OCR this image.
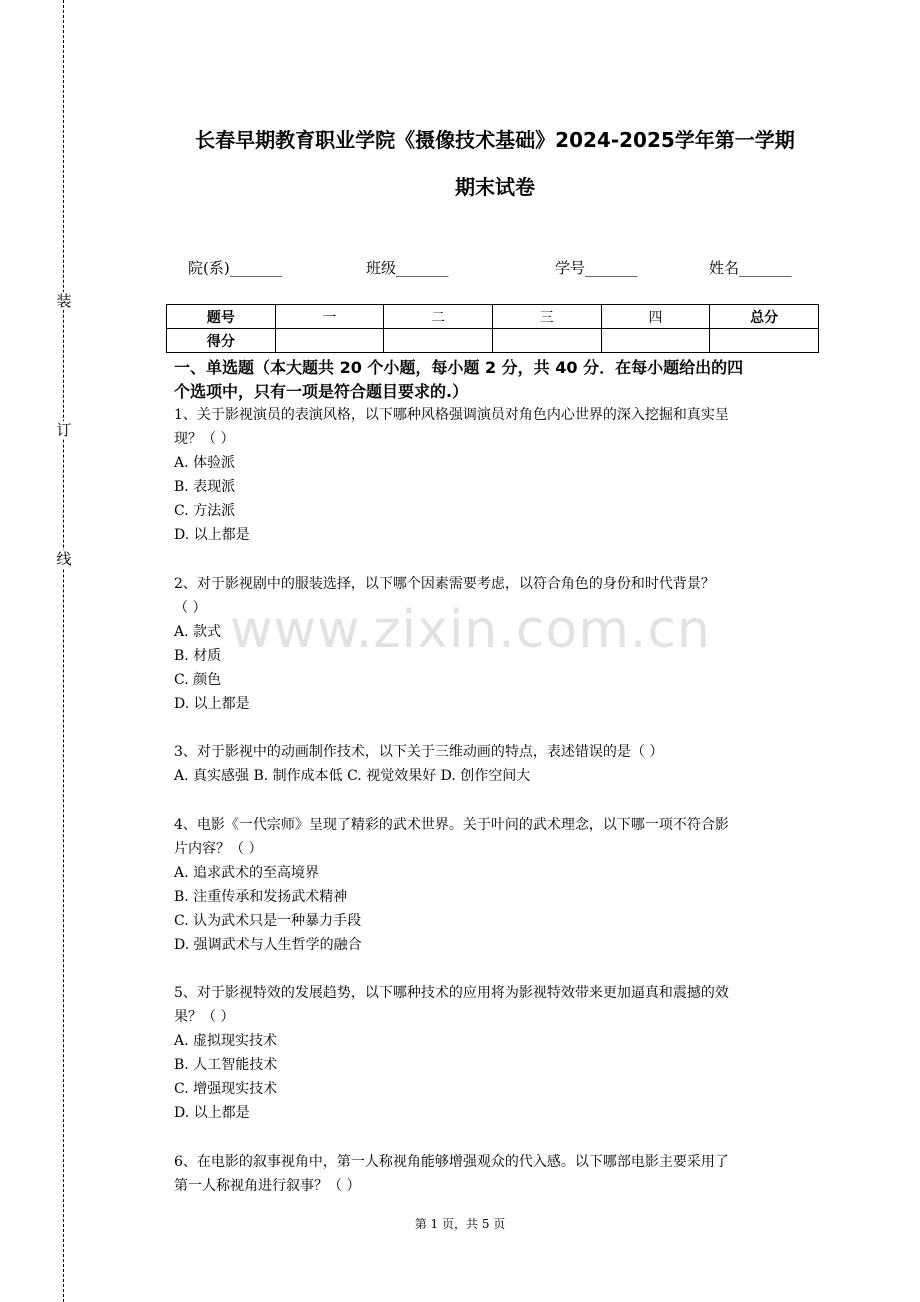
装
订
线
长春早期教育职业学院《摄像技术基础》2024-2025学年第一学期
期末试卷
院(系)_______	班级_______	学号_______	姓名_______
题号	一	二	三	四	总分
得分					
一、单选题（本大题共 20 个小题，每小题 2 分，共 40 分．在每小题给出的四
个选项中，只有一项是符合题目要求的.）
www.zixin.com.cn
1、关于影视演员的表演风格，以下哪种风格强调演员对角色内心世界的深入挖掘和真实呈
现？（ ）
A. 体验派
B. 表现派
C. 方法派
D. 以上都是
2、对于影视剧中的服装选择，以下哪个因素需要考虑，以符合角色的身份和时代背景？
（ ）
A. 款式
B. 材质
C. 颜色
D. 以上都是
3、对于影视中的动画制作技术，以下关于三维动画的特点，表述错误的是（ ）
A. 真实感强 B. 制作成本低 C. 视觉效果好 D. 创作空间大
4、电影《一代宗师》呈现了精彩的武术世界。关于叶问的武术理念，以下哪一项不符合影
片内容？（ ）
A. 追求武术的至高境界
B. 注重传承和发扬武术精神
C. 认为武术只是一种暴力手段
D. 强调武术与人生哲学的融合
5、对于影视特效的发展趋势，以下哪种技术的应用将为影视特效带来更加逼真和震撼的效
果？（ ）
A. 虚拟现实技术
B. 人工智能技术
C. 增强现实技术
D. 以上都是
6、在电影的叙事视角中，第一人称视角能够增强观众的代入感。以下哪部电影主要采用了
第一人称视角进行叙事？（ ）
第 1 页，共 5 页
